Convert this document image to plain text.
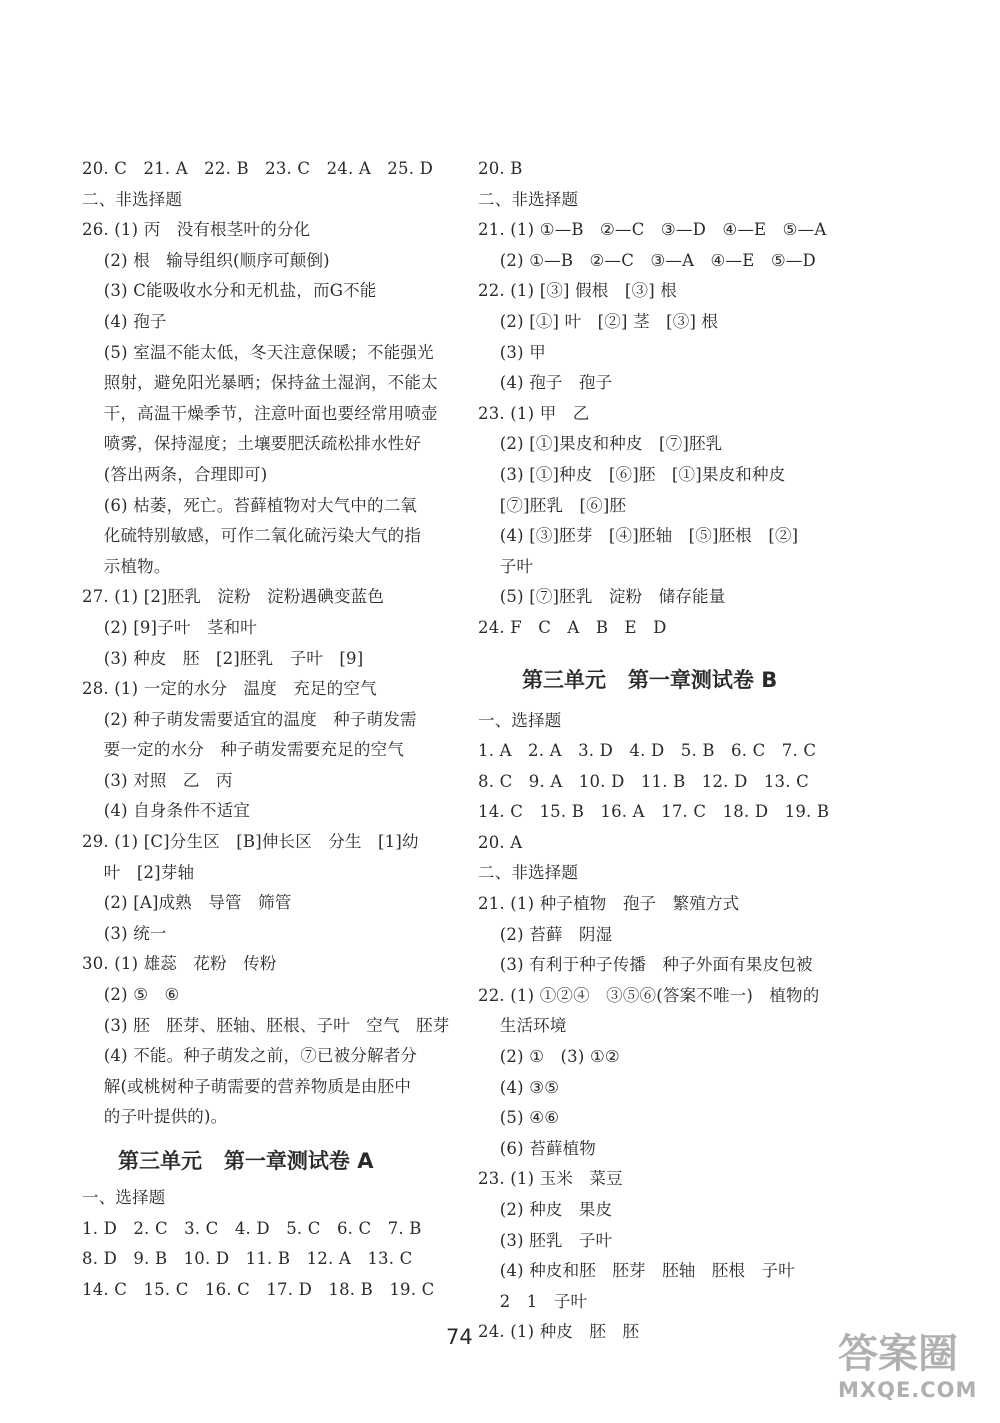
20. C   21. A   22. B   23. C   24. A   25. D
二、非选择题
26. (1) 丙   没有根茎叶的分化
(2) 根   输导组织(顺序可颠倒)
(3) C能吸收水分和无机盐，而G不能
(4) 孢子
(5) 室温不能太低，冬天注意保暖；不能强光
照射，避免阳光暴晒；保持盆土湿润，不能太
干，高温干燥季节，注意叶面也要经常用喷壶
喷雾，保持湿度；土壤要肥沃疏松排水性好
(答出两条，合理即可)
(6) 枯萎，死亡。苔藓植物对大气中的二氧
化硫特别敏感，可作二氧化硫污染大气的指
示植物。
27. (1) [2]胚乳   淀粉   淀粉遇碘变蓝色
(2) [9]子叶   茎和叶
(3) 种皮   胚   [2]胚乳   子叶   [9]
28. (1) 一定的水分   温度   充足的空气
(2) 种子萌发需要适宜的温度   种子萌发需
要一定的水分   种子萌发需要充足的空气
(3) 对照   乙   丙
(4) 自身条件不适宜
29. (1) [C]分生区   [B]伸长区   分生   [1]幼
叶   [2]芽轴
(2) [A]成熟   导管   筛管
(3) 统一
30. (1) 雄蕊   花粉   传粉
(2) ⑤   ⑥
(3) 胚   胚芽、胚轴、胚根、子叶   空气   胚芽
(4) 不能。种子萌发之前，⑦已被分解者分
解(或桃树种子萌需要的营养物质是由胚中
的子叶提供的)。
第三单元   第一章测试卷 A
一、选择题
1. D   2. C   3. C   4. D   5. C   6. C   7. B
8. D   9. B   10. D   11. B   12. A   13. C
14. C   15. C   16. C   17. D   18. B   19. C
20. B
二、非选择题
21. (1) ①—B   ②—C   ③—D   ④—E   ⑤—A
(2) ①—B   ②—C   ③—A   ④—E   ⑤—D
22. (1) [③] 假根   [③] 根
(2) [①] 叶   [②] 茎   [③] 根
(3) 甲
(4) 孢子   孢子
23. (1) 甲   乙
(2) [①]果皮和种皮   [⑦]胚乳
(3) [①]种皮   [⑥]胚   [①]果皮和种皮
[⑦]胚乳   [⑥]胚
(4) [③]胚芽   [④]胚轴   [⑤]胚根   [②]
子叶
(5) [⑦]胚乳   淀粉   储存能量
24. F   C   A   B   E   D
第三单元   第一章测试卷 B
一、选择题
1. A   2. A   3. D   4. D   5. B   6. C   7. C
8. C   9. A   10. D   11. B   12. D   13. C
14. C   15. B   16. A   17. C   18. D   19. B
20. A
二、非选择题
21. (1) 种子植物   孢子   繁殖方式
(2) 苔藓   阴湿
(3) 有利于种子传播   种子外面有果皮包被
22. (1) ①②④   ③⑤⑥(答案不唯一)   植物的
生活环境
(2) ①   (3) ①②
(4) ③⑤
(5) ④⑥
(6) 苔藓植物
23. (1) 玉米   菜豆
(2) 种皮   果皮
(3) 胚乳   子叶
(4) 种皮和胚   胚芽   胚轴   胚根   子叶
2   1   子叶
24. (1) 种皮   胚   胚
74	答案圈
MXQE.COM
